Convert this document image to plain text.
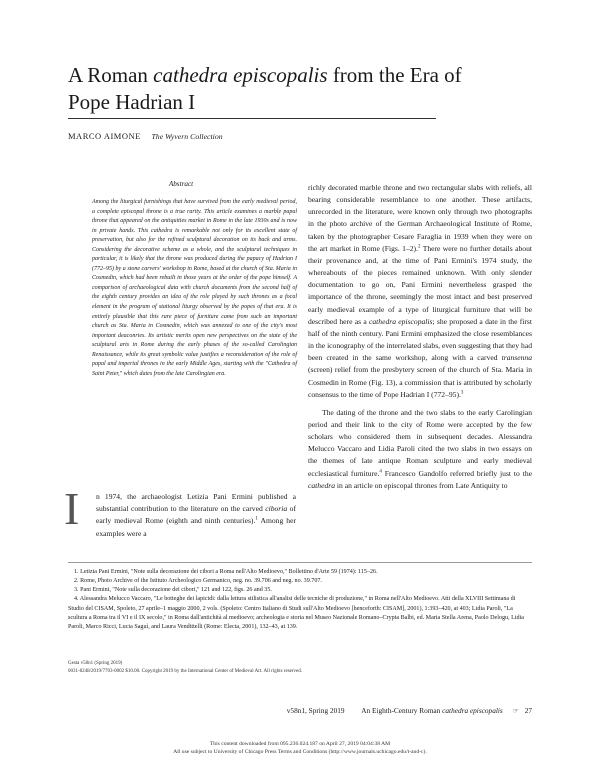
A Roman cathedra episcopalis from the Era of Pope Hadrian I
MARCO AIMONE The Wyvern Collection
Abstract

Among the liturgical furnishings that have survived from the early medieval period, a complete episcopal throne is a true rarity. This article examines a marble papal throne that appeared on the antiquities market in Rome in the late 1930s and is now in private hands. This cathedra is remarkable not only for its excellent state of preservation, but also for the refined sculptural decoration on its back and arms. Considering the decorative scheme as a whole, and the sculptural techniques in particular, it is likely that the throne was produced during the papacy of Hadrian I (772–95) by a stone carvers' workshop in Rome, based at the church of Sta. Maria in Cosmedin, which had been rebuilt in those years at the order of the pope himself. A comparison of archaeological data with church documents from the second half of the eighth century provides an idea of the role played by such thrones as a focal element in the program of stational liturgy observed by the popes of that era. It is entirely plausible that this rare piece of furniture came from such an important church as Sta. Maria in Cosmedin, which was annexed to one of the city's most important deaconries. Its artistic merits open new perspectives on the state of the sculptural arts in Rome during the early phases of the so-called Carolingian Renaissance, while its great symbolic value justifies a reconsideration of the role of papal and imperial thrones in the early Middle Ages, starting with the "Cathedra of Saint Peter," which dates from the late Carolingian era.

I n 1974, the archaeologist Letizia Pani Ermini published a substantial contribution to the literature on the carved ciboria of early medieval Rome (eighth and ninth centuries).$^1$ Among her examples were a

richly decorated marble throne and two rectangular slabs with reliefs, all bearing considerable resemblance to one another. These artifacts, unrecorded in the literature, were known only through two photographs in the photo archive of the German Archaeological Institute of Rome, taken by the photographer Cesare Faraglia in 1939 when they were on the art market in Rome (Figs. 1–2).$^2$ There were no further details about their provenance and, at the time of Pani Ermini's 1974 study, the whereabouts of the pieces remained unknown. With only slender documentation to go on, Pani Ermini nevertheless grasped the importance of the throne, seemingly the most intact and best preserved early medieval example of a type of liturgical furniture that will be described here as a cathedra episcopalis; she proposed a date in the first half of the ninth century. Pani Ermini emphasized the close resemblances in the iconography of the interrelated slabs, even suggesting that they had been created in the same workshop, along with a carved transenna (screen) relief from the presbytery screen of the church of Sta. Maria in Cosmedin in Rome (Fig. 13), a commission that is attributed by scholarly consensus to the time of Pope Hadrian I (772–95).$^3$

The dating of the throne and the two slabs to the early Carolingian period and their link to the city of Rome were accepted by the few scholars who considered them in subsequent decades. Alessandra Melucco Vaccaro and Lidia Paroli cited the two slabs in two essays on the themes of late antique Roman sculpture and early medieval ecclesiastical furniture.$^4$ Francesco Gandolfo referred briefly just to the cathedra in an article on episcopal thrones from Late Antiquity to

1. Letizia Pani Ermini, "Note sulla decorazione dei cibori a Roma nell'Alto Medioevo," Bollettino d'Arte 59 (1974): 115–26.
2. Rome, Photo Archive of the Istituto Archeologico Germanico, neg. no. 39.706 and neg. no. 39.707.
3. Pani Ermini, "Note sulla decorazione dei cibori," 121 and 122, figs. 26 and 35.
4. Alessandra Melucco Vaccaro, "Le botteghe dei lapicidi: dalla lettura stilistica all'analisi delle tecniche di produzione," in Roma nell'Alto Medioevo. Atti della XLVIII Settimana di Studio del CISAM, Spoleto, 27 aprile–1 maggio 2000, 2 vols. (Spoleto: Centro Italiano di Studi sull'Alto Medioevo [henceforth: CISAM], 2001), 1:393–420, at 403; Lidia Paroli, "La scultura a Roma tra il VI e il IX secolo," in Roma dall'antichità al medioevo; archeologia e storia nel Museo Nazionale Romano–Crypta Balbi, ed. Maria Stella Arena, Paolo Delogu, Lidia Paroli, Marco Ricci, Lucia Saguì, and Laura Vendittelli (Rome: Electa, 2001), 132–43, at 139.
Gesta v58n1 (Spring 2019)
0031-8248/2019/7703-0002 $10.00. Copyright 2019 by the International Center of Medieval Art. All rights reserved.
v58n1, Spring 2019 An Eighth-Century Roman cathedra episcopalis ☞ 27
This content downloaded from 095.236.024.187 on April 27, 2019 04:04:38 AM
All use subject to University of Chicago Press Terms and Conditions (http://www.journals.uchicago.edu/t-and-c).
